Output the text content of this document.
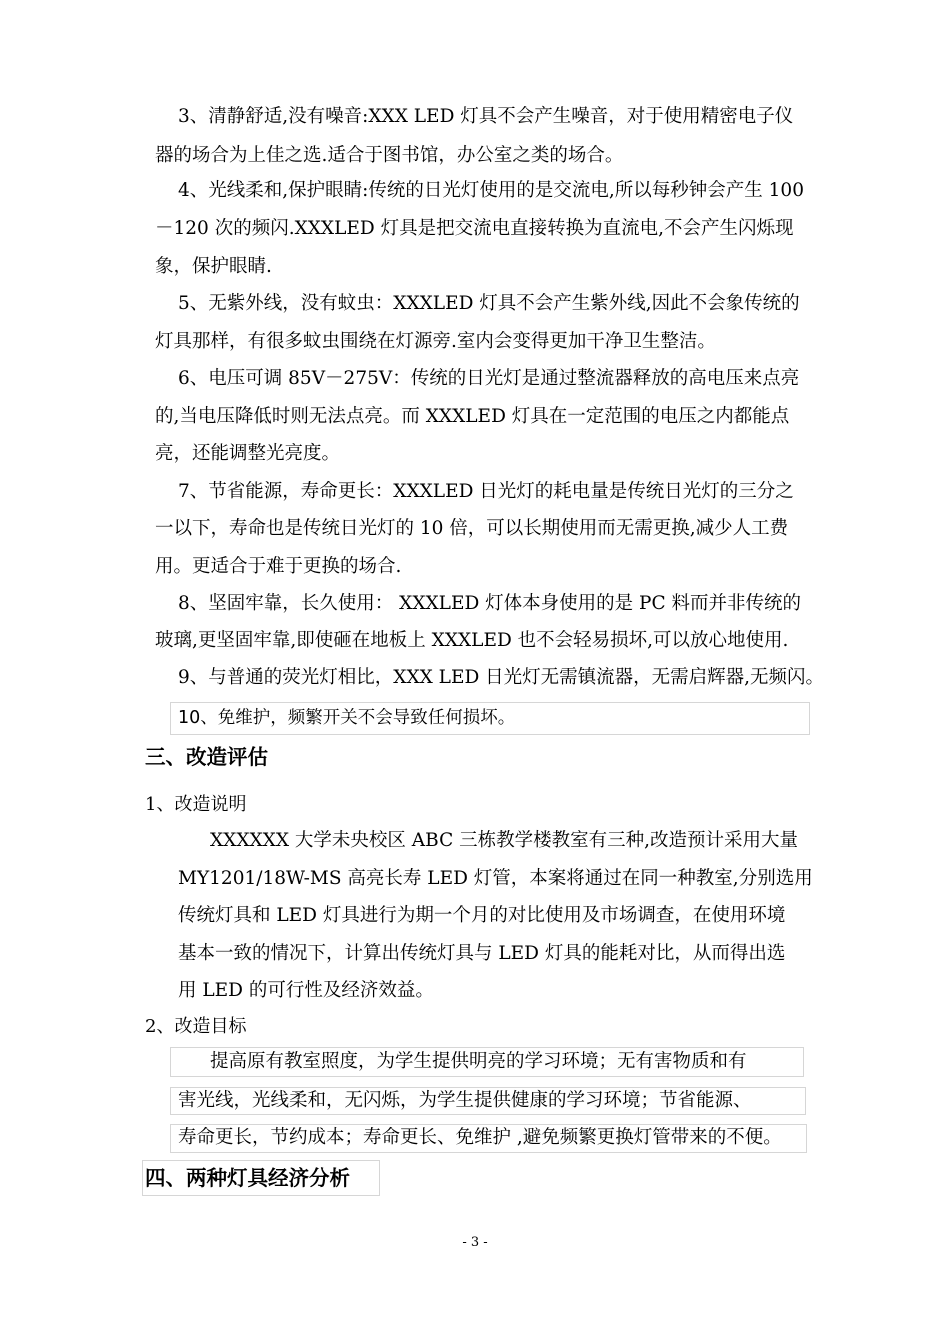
3、清静舒适,没有噪音:XXX LED 灯具不会产生噪音，对于使用精密电子仪

器的场合为上佳之选.适合于图书馆，办公室之类的场合。

4、光线柔和,保护眼睛:传统的日光灯使用的是交流电,所以每秒钟会产生 100

－120 次的频闪.XXXLED 灯具是把交流电直接转换为直流电,不会产生闪烁现

象，保护眼睛.

5、无紫外线，没有蚊虫：XXXLED 灯具不会产生紫外线,因此不会象传统的

灯具那样，有很多蚊虫围绕在灯源旁.室内会变得更加干净卫生整洁。

6、电压可调 85V－275V：传统的日光灯是通过整流器释放的高电压来点亮

的,当电压降低时则无法点亮。而 XXXLED 灯具在一定范围的电压之内都能点

亮，还能调整光亮度。

7、节省能源，寿命更长：XXXLED 日光灯的耗电量是传统日光灯的三分之

一以下，寿命也是传统日光灯的 10 倍，可以长期使用而无需更换,减少人工费

用。更适合于难于更换的场合.

8、坚固牢靠，长久使用： XXXLED 灯体本身使用的是 PC 料而并非传统的

玻璃,更坚固牢靠,即使砸在地板上 XXXLED 也不会轻易损坏,可以放心地使用.

9、与普通的荧光灯相比，XXX LED 日光灯无需镇流器，无需启辉器,无频闪。

10、免维护，频繁开关不会导致任何损坏。

三、改造评估

1、改造说明

XXXXXX 大学未央校区 ABC 三栋教学楼教室有三种,改造预计采用大量

MY1201/18W-MS 高亮长寿 LED 灯管，本案将通过在同一种教室,分别选用

传统灯具和 LED 灯具进行为期一个月的对比使用及市场调查，在使用环境

基本一致的情况下，计算出传统灯具与 LED 灯具的能耗对比，从而得出选

用 LED 的可行性及经济效益。

2、改造目标

提高原有教室照度，为学生提供明亮的学习环境；无有害物质和有

害光线，光线柔和，无闪烁，为学生提供健康的学习环境；节省能源、

寿命更长，节约成本；寿命更长、免维护 ,避免频繁更换灯管带来的不便。

四、两种灯具经济分析
- 3 -
